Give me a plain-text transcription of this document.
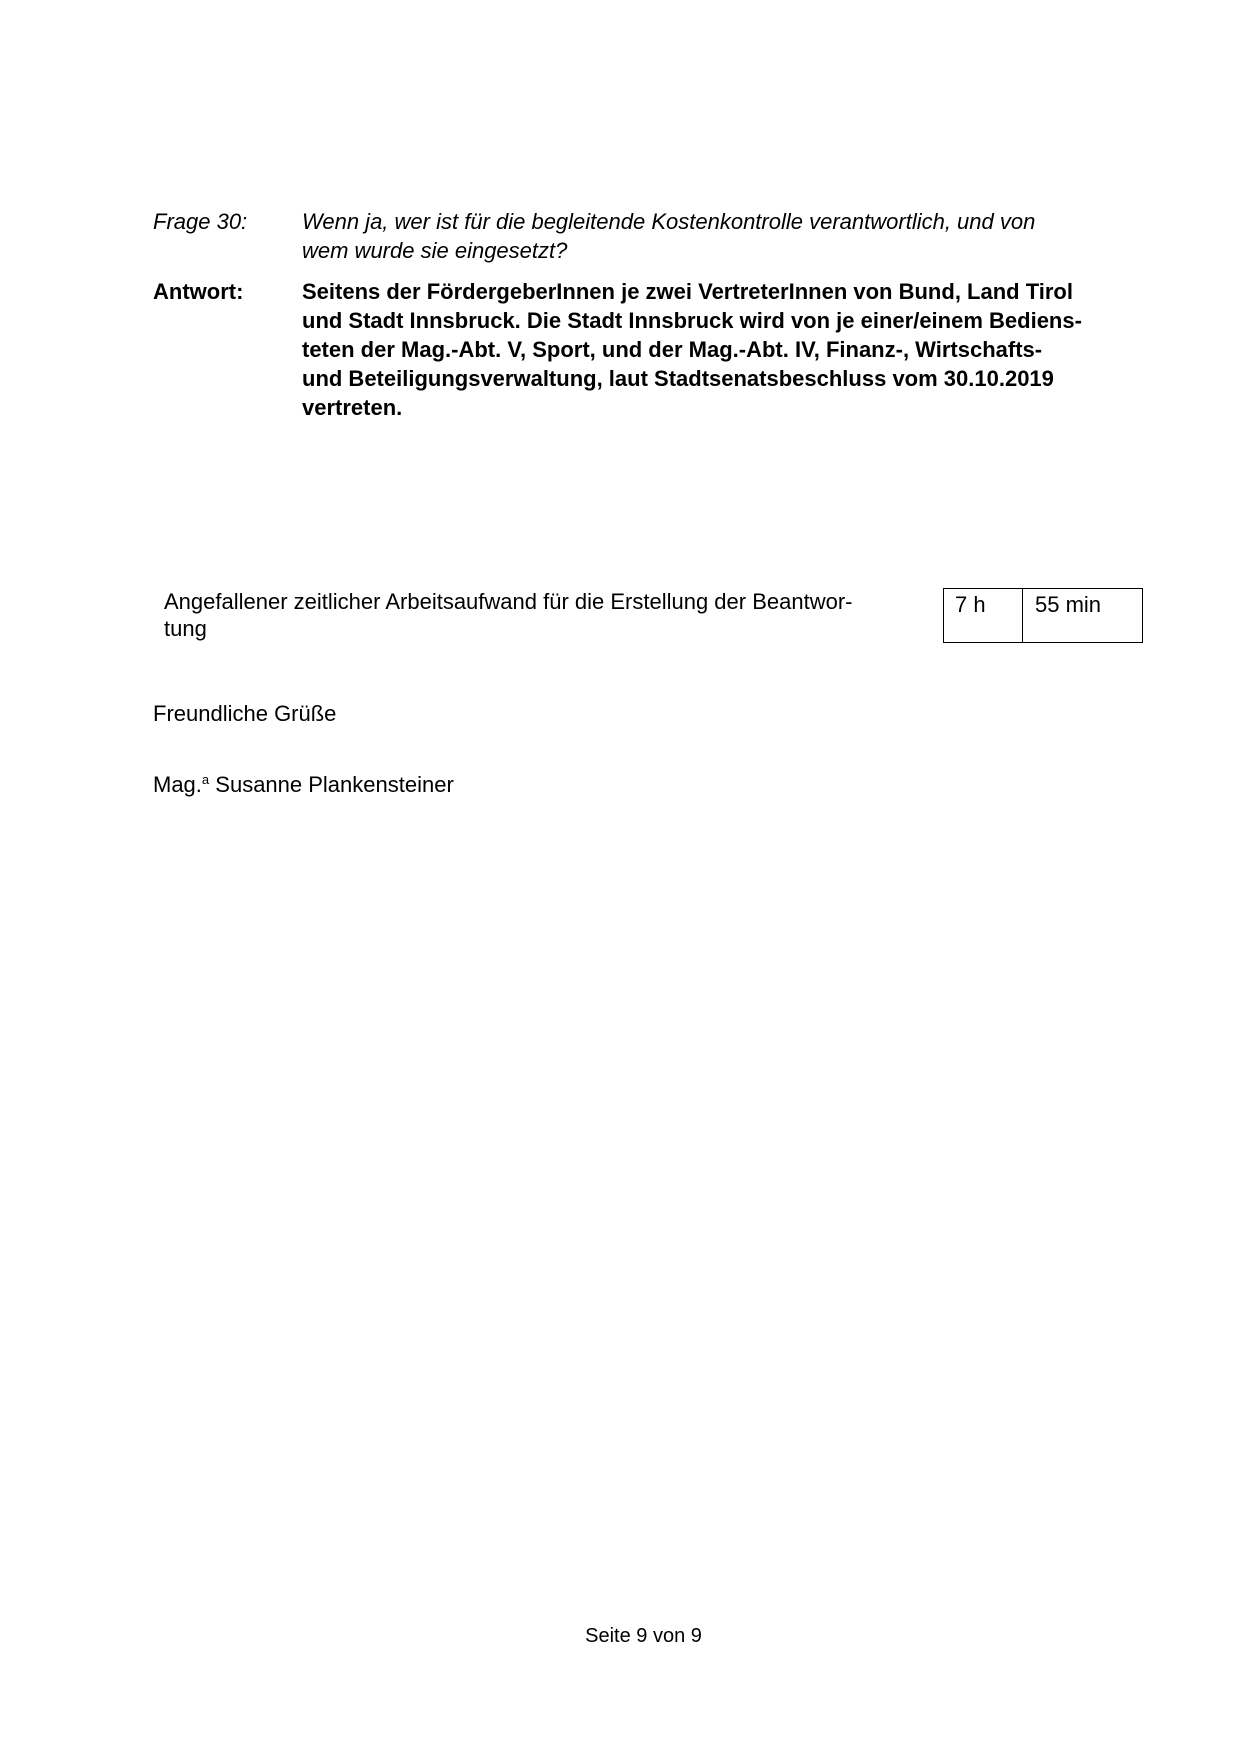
Frage 30: Wenn ja, wer ist für die begleitende Kostenkontrolle verantwortlich, und von
wem wurde sie eingesetzt?
Antwort:	Seitens der FördergeberInnen je zwei VertreterInnen von Bund, Land Tirol
und Stadt Innsbruck. Die Stadt Innsbruck wird von je einer/einem Bediens-
teten der Mag.-Abt. V, Sport, und der Mag.-Abt. IV, Finanz-, Wirtschafts-
und Beteiligungsverwaltung, laut Stadtsenatsbeschluss vom 30.10.2019
vertreten.
Angefallener zeitlicher Arbeitsaufwand für die Erstellung der Beantwor-
tung
7 h	55 min
Freundliche Grüße
Mag.$^a$ Susanne Plankensteiner
Seite 9 von 9
